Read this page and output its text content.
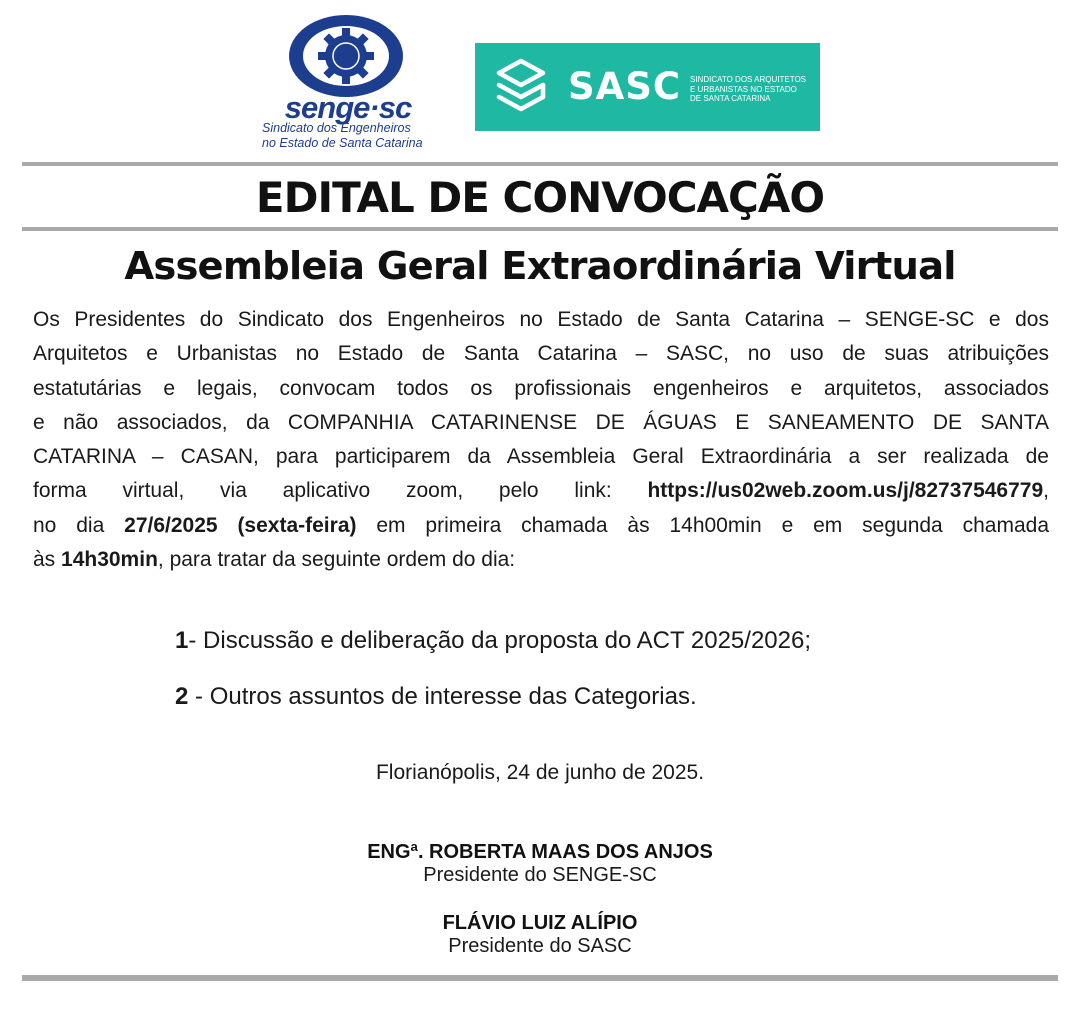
senge·sc
Sindicato dos Engenheiros
no Estado de Santa Catarina
SASC SINDICATO DOS ARQUITETOS
E URBANISTAS NO ESTADO
DE SANTA CATARINA
EDITAL DE CONVOCAÇÃO
Assembleia Geral Extraordinária Virtual
Os Presidentes do Sindicato dos Engenheiros no Estado de Santa Catarina – SENGE-SC e dos
Arquitetos e Urbanistas no Estado de Santa Catarina – SASC, no uso de suas atribuições
estatutárias e legais, convocam todos os profissionais engenheiros e arquitetos, associados
e não associados, da COMPANHIA CATARINENSE DE ÁGUAS E SANEAMENTO DE SANTA
CATARINA – CASAN, para participarem da Assembleia Geral Extraordinária a ser realizada de
forma virtual, via aplicativo zoom, pelo link: https://us02web.zoom.us/j/82737546779,
no dia 27/6/2025 (sexta-feira) em primeira chamada às 14h00min e em segunda chamada
às 14h30min, para tratar da seguinte ordem do dia:
1- Discussão e deliberação da proposta do ACT 2025/2026;
2 - Outros assuntos de interesse das Categorias.
Florianópolis, 24 de junho de 2025.
ENGª. ROBERTA MAAS DOS ANJOS
Presidente do SENGE-SC
FLÁVIO LUIZ ALÍPIO
Presidente do SASC
